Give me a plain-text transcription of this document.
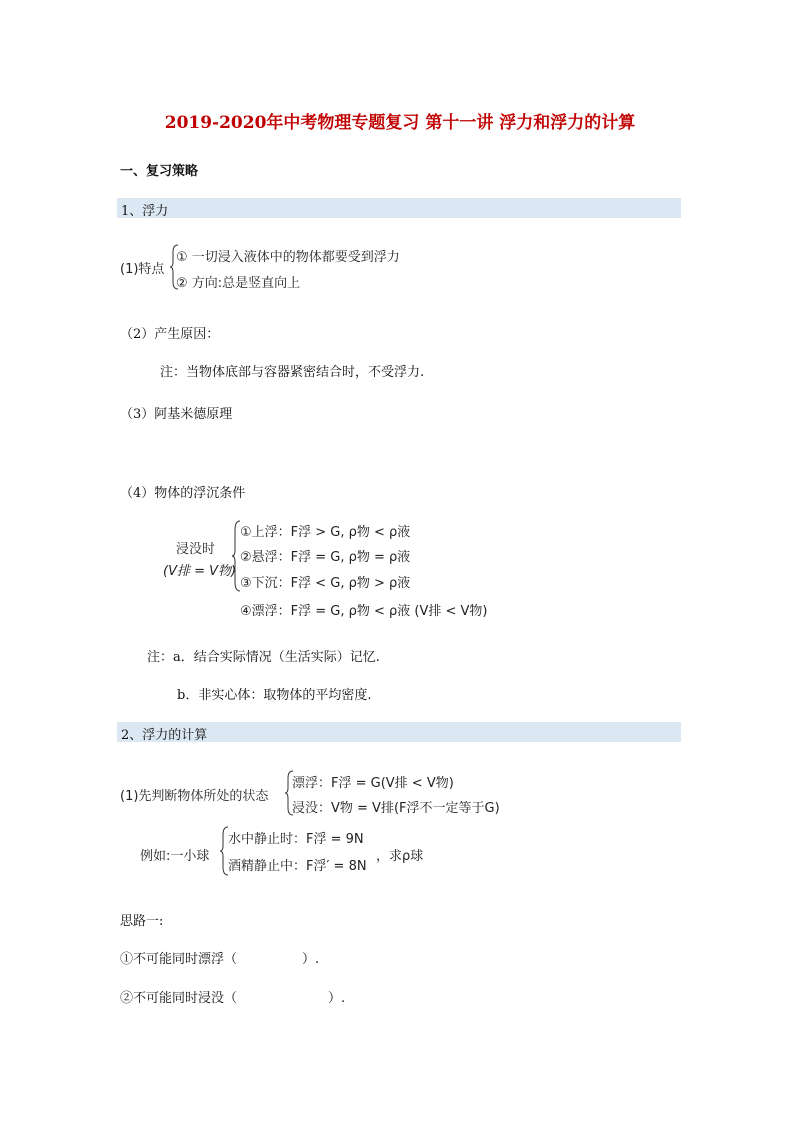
2019-2020年中考物理专题复习 第十一讲 浮力和浮力的计算
一、复习策略
1、浮力
(1)特点
① 一切浸入液体中的物体都要受到浮力
② 方向:总是竖直向上
（2）产生原因：
注：当物体底部与容器紧密结合时，不受浮力.
（3）阿基米德原理
（4）物体的浮沉条件
浸没时
(V排 = V物)
①上浮：F浮 > G, ρ物 < ρ液
②悬浮：F浮 = G, ρ物 = ρ液
③下沉：F浮 < G, ρ物 > ρ液
④漂浮：F浮 = G, ρ物 < ρ液 (V排 < V物)
注：a．结合实际情况（生活实际）记忆.
b．非实心体：取物体的平均密度.
2、浮力的计算
(1)先判断物体所处的状态
漂浮：F浮 = G(V排 < V物)
浸没：V物 = V排(F浮不一定等于G)
例如:一小球
水中静止时：F浮 = 9N
酒精静止中：F浮′ = 8N
，求ρ球
思路一:
①不可能同时漂浮（　　　　　）.
②不可能同时浸没（　　　　　　　）.
